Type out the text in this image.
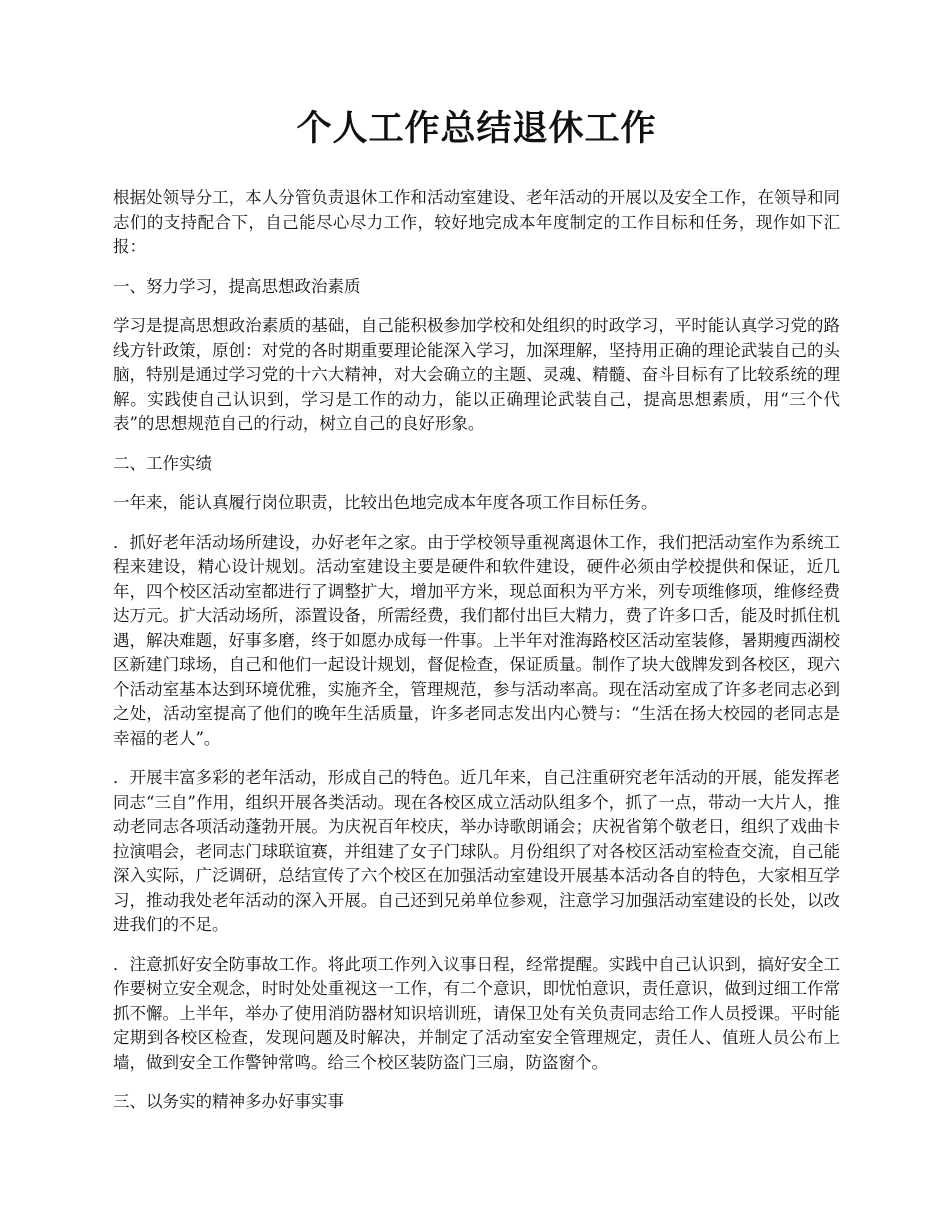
个人工作总结退休工作

根据处领导分工，本人分管负责退休工作和活动室建设、老年活动的开展以及安全工作，在领导和同志们的支持配合下，自己能尽心尽力工作，较好地完成本年度制定的工作目标和任务，现作如下汇报：

一、努力学习，提高思想政治素质

学习是提高思想政治素质的基础，自己能积极参加学校和处组织的时政学习，平时能认真学习党的路线方针政策，原创：对党的各时期重要理论能深入学习，加深理解，坚持用正确的理论武装自己的头脑，特别是通过学习党的十六大精神，对大会确立的主题、灵魂、精髓、奋斗目标有了比较系统的理解。实践使自己认识到，学习是工作的动力，能以正确理论武装自己，提高思想素质，用“三个代表”的思想规范自己的行动，树立自己的良好形象。

二、工作实绩

一年来，能认真履行岗位职责，比较出色地完成本年度各项工作目标任务。

．抓好老年活动场所建设，办好老年之家。由于学校领导重视离退休工作，我们把活动室作为系统工程来建设，精心设计规划。活动室建设主要是硬件和软件建设，硬件必须由学校提供和保证，近几年，四个校区活动室都进行了调整扩大，增加平方米，现总面积为平方米，列专项维修项，维修经费达万元。扩大活动场所，添置设备，所需经费，我们都付出巨大精力，费了许多口舌，能及时抓住机遇，解决难题，好事多磨，终于如愿办成每一件事。上半年对淮海路校区活动室装修，暑期瘦西湖校区新建门球场，自己和他们一起设计规划，督促检查，保证质量。制作了块大戗牌发到各校区，现六个活动室基本达到环境优雅，实施齐全，管理规范，参与活动率高。现在活动室成了许多老同志必到之处，活动室提高了他们的晚年生活质量，许多老同志发出内心赞与：“生活在扬大校园的老同志是幸福的老人”。

．开展丰富多彩的老年活动，形成自己的特色。近几年来，自己注重研究老年活动的开展，能发挥老同志“三自”作用，组织开展各类活动。现在各校区成立活动队组多个，抓了一点，带动一大片人，推动老同志各项活动蓬勃开展。为庆祝百年校庆，举办诗歌朗诵会；庆祝省第个敬老日，组织了戏曲卡拉演唱会，老同志门球联谊赛，并组建了女子门球队。月份组织了对各校区活动室检查交流，自己能深入实际，广泛调研，总结宣传了六个校区在加强活动室建设开展基本活动各自的特色，大家相互学习，推动我处老年活动的深入开展。自己还到兄弟单位参观，注意学习加强活动室建设的长处，以改进我们的不足。

．注意抓好安全防事故工作。将此项工作列入议事日程，经常提醒。实践中自己认识到，搞好安全工作要树立安全观念，时时处处重视这一工作，有二个意识，即忧怕意识，责任意识，做到过细工作常抓不懈。上半年，举办了使用消防器材知识培训班，请保卫处有关负责同志给工作人员授课。平时能定期到各校区检查，发现问题及时解决，并制定了活动室安全管理规定，责任人、值班人员公布上墙，做到安全工作警钟常鸣。给三个校区装防盗门三扇，防盗窗个。

三、以务实的精神多办好事实事
